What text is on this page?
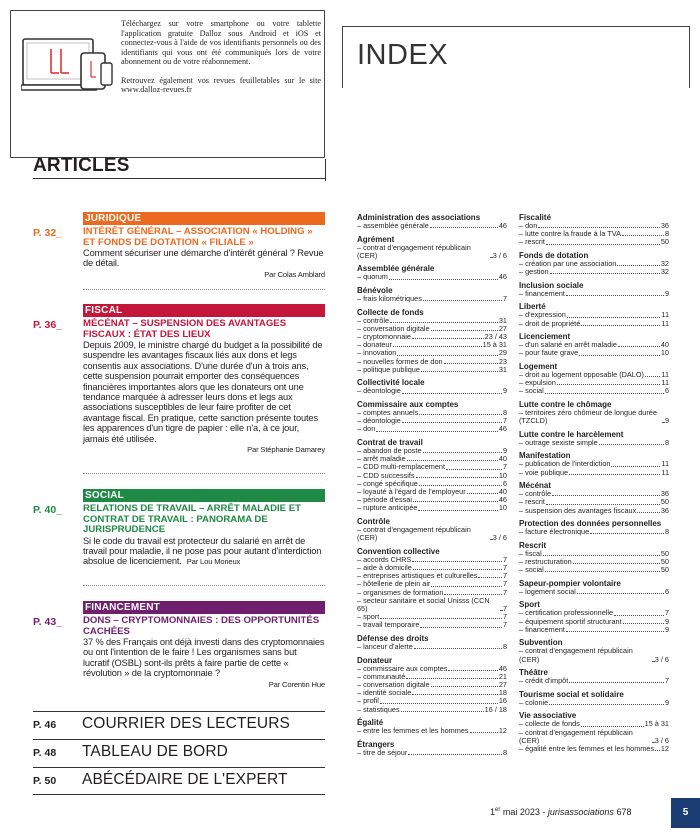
Téléchargez sur votre smartphone ou votre tablette l'application gratuite Dalloz sous Android et iOS et connectez-vous à l'aide de vos identifiants personnels ou des identifiants qui vous ont été communiqués lors de votre abonnement ou de votre réabonnement.

Retrouvez également vos revues feuilletables sur le site www.dalloz-revues.fr

INDEX
ARTICLES
JURIDIQUE
P. 32_ INTÉRÊT GÉNÉRAL – ASSOCIATION « HOLDING » ET FONDS DE DOTATION « FILIALE »
Comment sécuriser une démarche d'intérêt général ? Revue de détail.
Par Colas Amblard
FISCAL
P. 36_ MÉCÉNAT – SUSPENSION DES AVANTAGES FISCAUX : ÉTAT DES LIEUX
Depuis 2009, le ministre chargé du budget a la possibilité de suspendre les avantages fiscaux liés aux dons et legs consentis aux associations. D'une durée d'un à trois ans, cette suspension pourrait emporter des conséquences financières importantes alors que les donateurs ont une tendance marquée à adresser leurs dons et legs aux associations susceptibles de leur faire profiter de cet avantage fiscal. En pratique, cette sanction présente toutes les apparences d'un tigre de papier : elle n'a, à ce jour, jamais été utilisée.
Par Stéphanie Damarey
SOCIAL
P. 40_ RELATIONS DE TRAVAIL – ARRÊT MALADIE ET CONTRAT DE TRAVAIL : PANORAMA DE JURISPRUDENCE
Si le code du travail est protecteur du salarié en arrêt de travail pour maladie, il ne pose pas pour autant d'interdiction absolue de licenciement. Par Lou Morieux
FINANCEMENT
P. 43_ DONS – CRYPTOMONNAIES : DES OPPORTUNITÉS CACHÉES
37 % des Français ont déjà investi dans des cryptomonnaies ou ont l'intention de le faire ! Les organismes sans but lucratif (OSBL) sont-ils prêts à faire partie de cette « révolution » de la cryptomonnaie ?
Par Corentin Hue
P. 46 COURRIER DES LECTEURS
P. 48 TABLEAU DE BORD
P. 50 ABÉCÉDAIRE DE L'EXPERT
Administration des associations
– assemblée générale	46
Agrément
– contrat d'engagement républicain (CER)	3 / 6
Assemblée générale
– quorum	46
Bénévole
– frais kilométriques	7
Collecte de fonds
– contrôle	31
– conversation digitale	27
– cryptomonnaie	23 / 43
– donateur	15 à 31
– innovation	29
– nouvelles formes de don	23
– politique publique	31
Collectivité locale
– déontologie	9
Commissaire aux comptes
– comptes annuels	8
– déontologie	7
– don	46
Contrat de travail
– abandon de poste	9
– arrêt maladie	40
– CDD multi-remplacement	7
– CDD successifs	10
– congé spécifique	6
– loyauté à l'égard de l'employeur	40
– période d'essai	46
– rupture anticipée	10
Contrôle
– contrat d'engagement républicain (CER)	3 / 6
Convention collective
– accords CHRS	7
– aide à domicile	7
– entreprises artistiques et culturelles	7
– hôtellerie de plein air	7
– organismes de formation	7
– secteur sanitaire et social Unisss (CCN 65)	7
– sport	7
– travail temporaire	7
Défense des droits
– lanceur d'alerte	8
Donateur
– commissaire aux comptes	46
– communauté	21
– conversation digitale	27
– identité sociale	18
– profil	16
– statistiques	16 / 18
Égalité
– entre les femmes et les hommes	12
Étrangers
– titre de séjour	8
Fiscalité
– don	36
– lutte contre la fraude à la TVA	8
– rescrit	50
Fonds de dotation
– création par une association	32
– gestion	32
Inclusion sociale
– financement	9
Liberté
– d'expression	11
– droit de propriété	11
Licenciement
– d'un salarié en arrêt maladie	40
– pour faute grave	10
Logement
– droit au logement opposable (DALO) 11
– expulsion	11
– social	6
Lutte contre le chômage
– territoires zéro chômeur de longue durée (TZCLD)	9
Lutte contre le harcèlement
– outrage sexiste simple	8
Manifestation
– publication de l'interdiction	11
– voie publique	11
Mécénat
– contrôle	36
– rescrit	50
– suspension des avantages fiscaux	36
Protection des données personnelles
– facture électronique	8
Rescrit
– fiscal	50
– restructuration	50
– social	50
Sapeur-pompier volontaire
– logement social	6
Sport
– certification professionnelle	7
– équipement sportif structurant	9
– financement	9
Subvention
– contrat d'engagement républicain (CER)	3 / 6
Théâtre
– crédit d'impôt	7
Tourisme social et solidaire
– colonie	9
Vie associative
– collecte de fonds	15 à 31
– contrat d'engagement républicain (CER)	3 / 6
– égalité entre les femmes et les hommes 12
1er mai 2023 - jurisassociations 678	5
